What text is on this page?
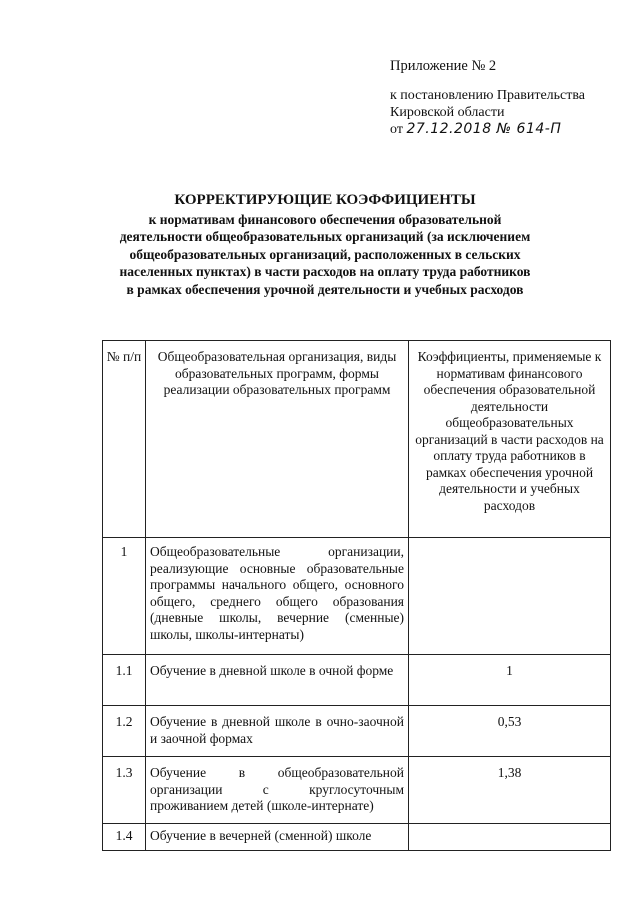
Приложение № 2
к постановлению Правительства
Кировской области
от 27.12.2018 № 614-П
КОРРЕКТИРУЮЩИЕ КОЭФФИЦИЕНТЫ
к нормативам финансового обеспечения образовательной
деятельности общеобразовательных организаций (за исключением
общеобразовательных организаций, расположенных в сельских
населенных пунктах) в части расходов на оплату труда работников
в рамках обеспечения урочной деятельности и учебных расходов
№ п/п	Общеобразовательная организация, виды образовательных программ, формы реализации образовательных программ	Коэффициенты, применяемые к нормативам финансового обеспечения образовательной деятельности общеобразовательных организаций в части расходов на оплату труда работников в рамках обеспечения урочной деятельности и учебных расходов
1	Общеобразовательные организации, реализующие основные образовательные программы начального общего, основного общего, среднего общего образования (дневные школы, вечерние (сменные) школы, школы-интернаты)	
1.1	Обучение в дневной школе в очной форме	1
1.2	Обучение в дневной школе в очно-заочной и заочной формах	0,53
1.3	Обучение в общеобразовательной организации с круглосуточным проживанием детей (школе-интернате)	1,38
1.4	Обучение в вечерней (сменной) школе	
